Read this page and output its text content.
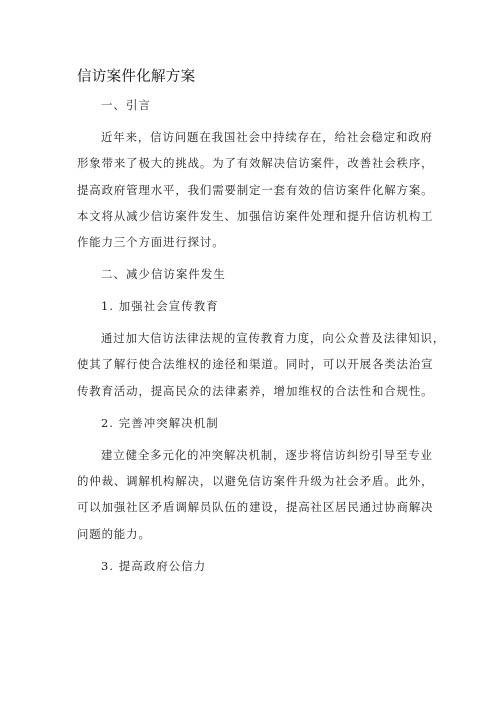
信访案件化解方案
一、引言
近年来，信访问题在我国社会中持续存在，给社会稳定和政府
形象带来了极大的挑战。为了有效解决信访案件，改善社会秩序，
提高政府管理水平，我们需要制定一套有效的信访案件化解方案。
本文将从减少信访案件发生、加强信访案件处理和提升信访机构工
作能力三个方面进行探讨。
二、减少信访案件发生
1. 加强社会宣传教育
通过加大信访法律法规的宣传教育力度，向公众普及法律知识，
使其了解行使合法维权的途径和渠道。同时，可以开展各类法治宣
传教育活动，提高民众的法律素养，增加维权的合法性和合规性。
2. 完善冲突解决机制
建立健全多元化的冲突解决机制，逐步将信访纠纷引导至专业
的仲裁、调解机构解决，以避免信访案件升级为社会矛盾。此外，
可以加强社区矛盾调解员队伍的建设，提高社区居民通过协商解决
问题的能力。
3. 提高政府公信力
